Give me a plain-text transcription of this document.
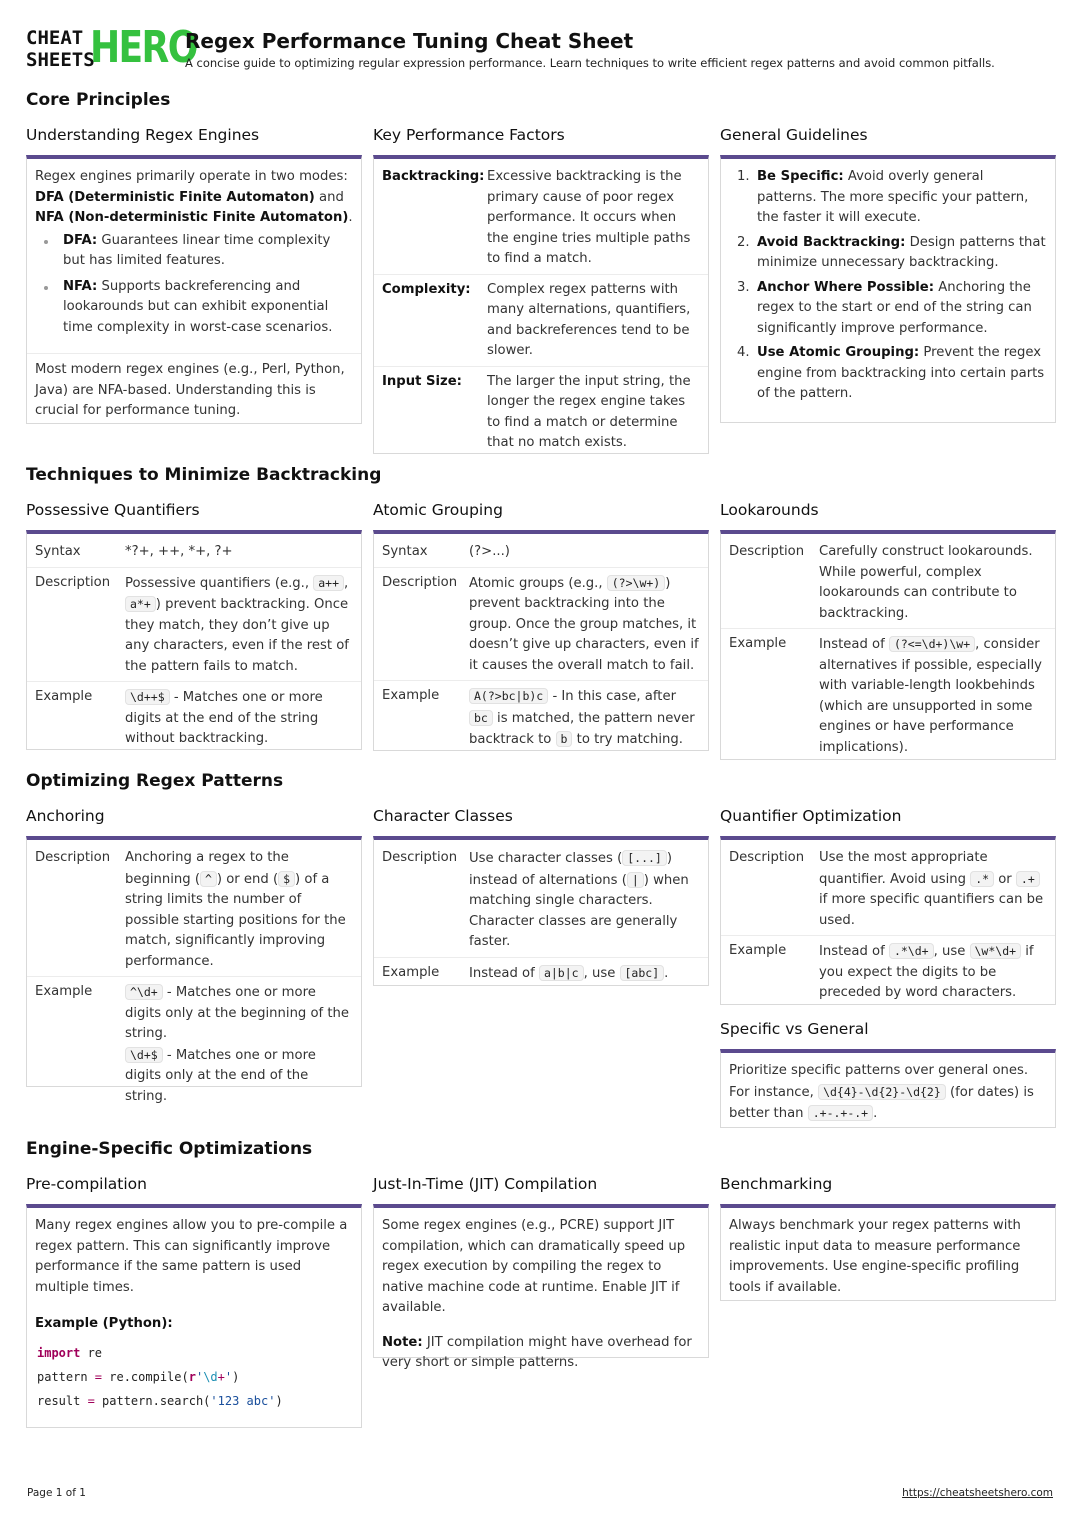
CHEAT
SHEETS
HERO
Regex Performance Tuning Cheat Sheet
A concise guide to optimizing regular expression performance. Learn techniques to write efficient regex patterns and avoid common pitfalls.
Core Principles
Understanding Regex Engines
Regex engines primarily operate in two modes: DFA (Deterministic Finite Automaton) and NFA (Non-deterministic Finite Automaton).
DFA: Guarantees linear time complexity but has limited features.
NFA: Supports backreferencing and lookarounds but can exhibit exponential time complexity in worst-case scenarios.
Most modern regex engines (e.g., Perl, Python, Java) are NFA-based. Understanding this is crucial for performance tuning.
Key Performance Factors
Backtracking: Excessive backtracking is the primary cause of poor regex performance. It occurs when the engine tries multiple paths to find a match.
Complexity:	Complex regex patterns with many alternations, quantifiers, and backreferences tend to be slower.
Input Size:	The larger the input string, the longer the regex engine takes to find a match or determine that no match exists.
General Guidelines
1. Be Specific: Avoid overly general patterns. The more specific your pattern, the faster it will execute.
2. Avoid Backtracking: Design patterns that minimize unnecessary backtracking.
3. Anchor Where Possible: Anchoring the regex to the start or end of the string can significantly improve performance.
4. Use Atomic Grouping: Prevent the regex engine from backtracking into certain parts of the pattern.
Techniques to Minimize Backtracking
Possessive Quantifiers
Syntax	*?+, ++, *+, ?+
Description	Possessive quantifiers (e.g., a++ , a*+ ) prevent backtracking. Once they match, they don’t give up any characters, even if the rest of the pattern fails to match.
Example	\d++$ - Matches one or more digits at the end of the string without backtracking.
Atomic Grouping
Syntax	(?>...)
Description Atomic groups (e.g., (?>\w+) ) prevent backtracking into the group. Once the group matches, it doesn’t give up characters, even if it causes the overall match to fail.
Example	A(?>bc|b)c - In this case, after bc is matched, the pattern never backtrack to b to try matching.
Lookarounds
Description	Carefully construct lookarounds. While powerful, complex lookarounds can contribute to backtracking.
Example	Instead of (?<=\d+)\w+ , consider alternatives if possible, especially with variable-length lookbehinds (which are unsupported in some engines or have performance implications).
Optimizing Regex Patterns
Anchoring
Description	Anchoring a regex to the beginning ( ^ ) or end ( $ ) of a string limits the number of possible starting positions for the match, significantly improving performance.
Example	^\d+ - Matches one or more digits only at the beginning of the string.
\d+$ - Matches one or more digits only at the end of the string.
Character Classes
Description Use character classes ( [...] ) instead of alternations ( | ) when matching single characters. Character classes are generally faster.
Example	Instead of a|b|c , use [abc] .
Quantifier Optimization
Description	Use the most appropriate quantifier. Avoid using .* or .+ if more specific quantifiers can be used.
Example	Instead of .*\d+ , use \w*\d+ if you expect the digits to be preceded by word characters.
Specific vs General
Prioritize specific patterns over general ones. For instance, \d{4}-\d{2}-\d{2} (for dates) is better than .+-.+-.+ .
Engine-Specific Optimizations
Pre-compilation
Many regex engines allow you to pre-compile a regex pattern. This can significantly improve performance if the same pattern is used multiple times.
Example (Python):
import re
pattern = re.compile(r'\d+')
result = pattern.search('123 abc')
Just-In-Time (JIT) Compilation
Some regex engines (e.g., PCRE) support JIT compilation, which can dramatically speed up regex execution by compiling the regex to native machine code at runtime. Enable JIT if available.
Note: JIT compilation might have overhead for very short or simple patterns.
Benchmarking
Always benchmark your regex patterns with realistic input data to measure performance improvements. Use engine-specific profiling tools if available.
Page 1 of 1	https://cheatsheetshero.com
